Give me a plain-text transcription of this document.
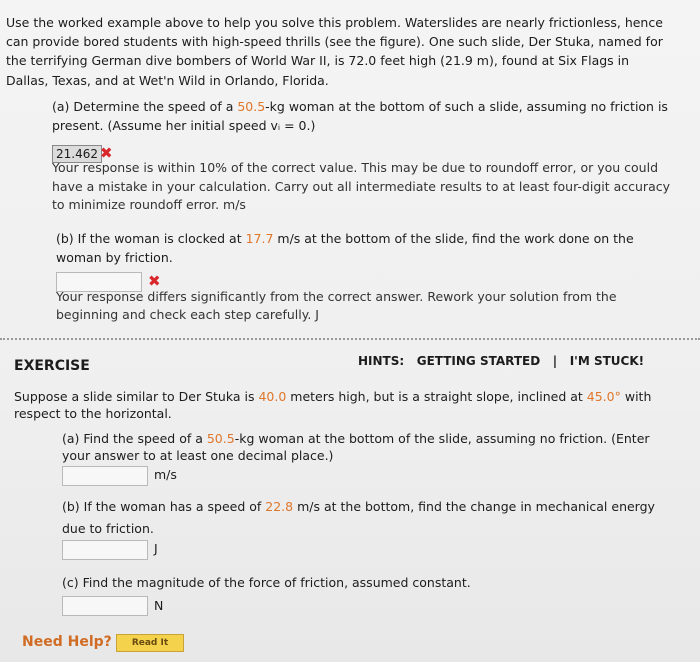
Use the worked example above to help you solve this problem. Waterslides are nearly frictionless, hence
can provide bored students with high-speed thrills (see the figure). One such slide, Der Stuka, named for
the terrifying German dive bombers of World War II, is 72.0 feet high (21.9 m), found at Six Flags in
Dallas, Texas, and at Wet'n Wild in Orlando, Florida.
(a) Determine the speed of a 50.5-kg woman at the bottom of such a slide, assuming no friction is
present. (Assume her initial speed vᵢ = 0.)
21.462 ✖
Your response is within 10% of the correct value. This may be due to roundoff error, or you could
have a mistake in your calculation. Carry out all intermediate results to at least four-digit accuracy
to minimize roundoff error. m/s
(b) If the woman is clocked at 17.7 m/s at the bottom of the slide, find the work done on the
woman by friction.
✖
Your response differs significantly from the correct answer. Rework your solution from the
beginning and check each step carefully. J
EXERCISE	HINTS: GETTING STARTED | I'M STUCK!
Suppose a slide similar to Der Stuka is 40.0 meters high, but is a straight slope, inclined at 45.0° with
respect to the horizontal.
(a) Find the speed of a 50.5-kg woman at the bottom of the slide, assuming no friction. (Enter
your answer to at least one decimal place.)
m/s
(b) If the woman has a speed of 22.8 m/s at the bottom, find the change in mechanical energy
due to friction.
J
(c) Find the magnitude of the force of friction, assumed constant.
N
Need Help?	Read It
